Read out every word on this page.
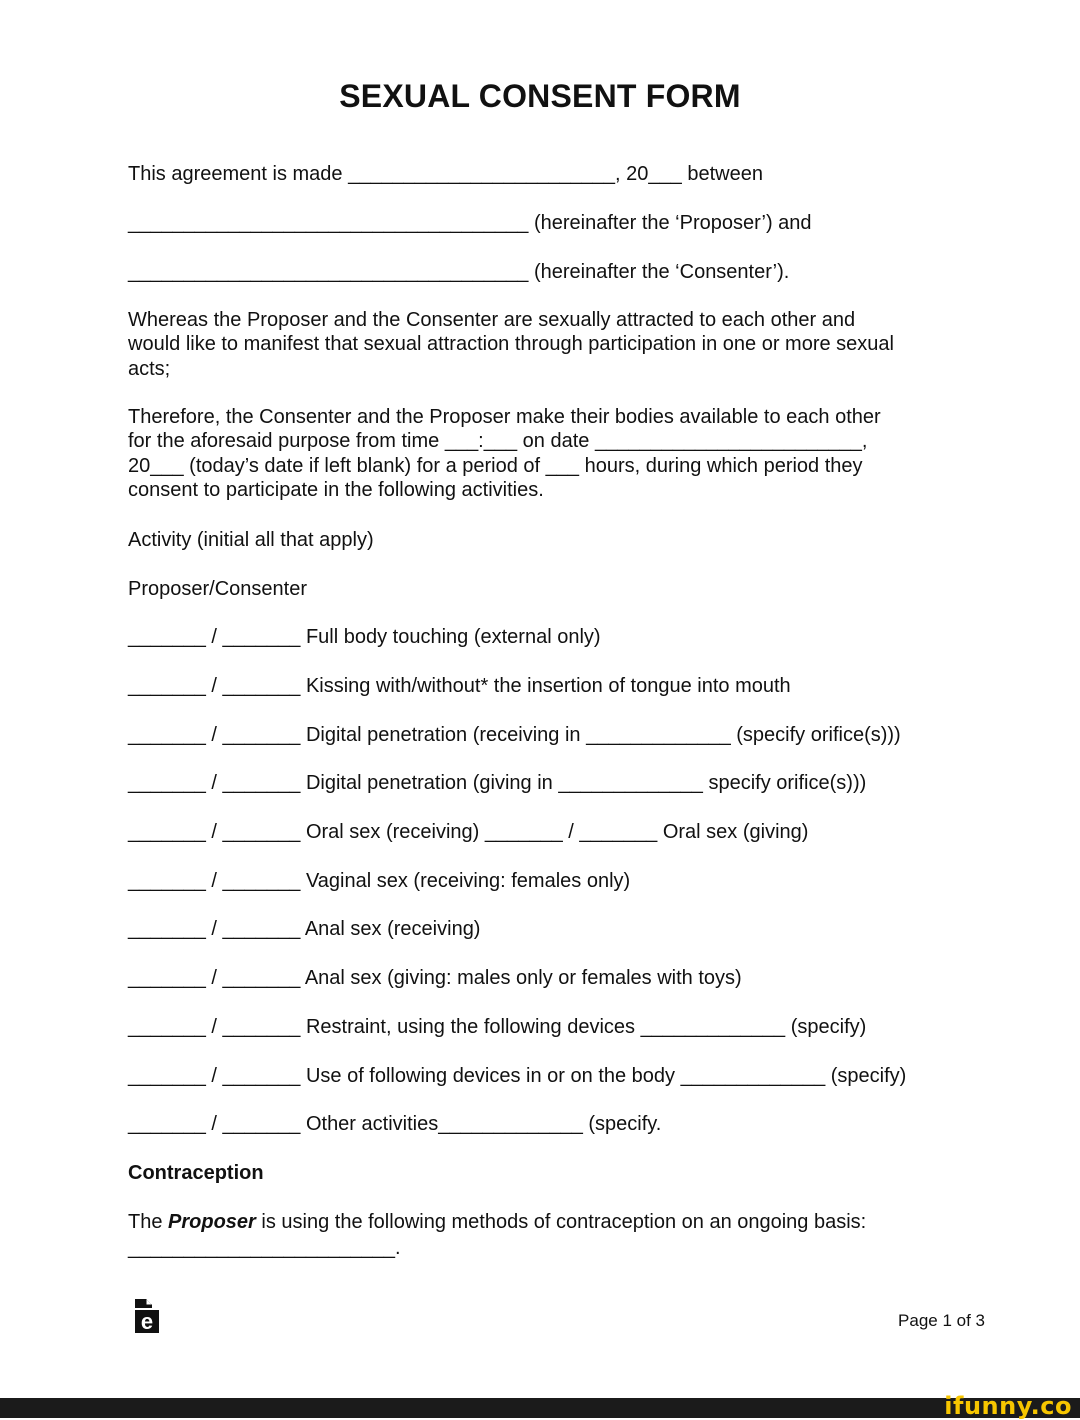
SEXUAL CONSENT FORM
This agreement is made ________________________, 20___ between
____________________________________ (hereinafter the ‘Proposer’) and
____________________________________ (hereinafter the ‘Consenter’).
Whereas the Proposer and the Consenter are sexually attracted to each other and
would like to manifest that sexual attraction through participation in one or more sexual
acts;
Therefore, the Consenter and the Proposer make their bodies available to each other
for the aforesaid purpose from time ___:___ on date ________________________,
20___ (today’s date if left blank) for a period of ___ hours, during which period they
consent to participate in the following activities.
Activity (initial all that apply)
Proposer/Consenter
_______ / _______ Full body touching (external only)
_______ / _______ Kissing with/without* the insertion of tongue into mouth
_______ / _______ Digital penetration (receiving in _____________ (specify orifice(s)))
_______ / _______ Digital penetration (giving in _____________ specify orifice(s)))
_______ / _______ Oral sex (receiving) _______ / _______ Oral sex (giving)
_______ / _______ Vaginal sex (receiving: females only)
_______ / _______ Anal sex (receiving)
_______ / _______ Anal sex (giving: males only or females with toys)
_______ / _______ Restraint, using the following devices _____________ (specify)
_______ / _______ Use of following devices in or on the body _____________ (specify)
_______ / _______ Other activities_____________ (specify.
Contraception
The Proposer is using the following methods of contraception on an ongoing basis:
________________________.
e	Page 1 of 3
ifunny.co
